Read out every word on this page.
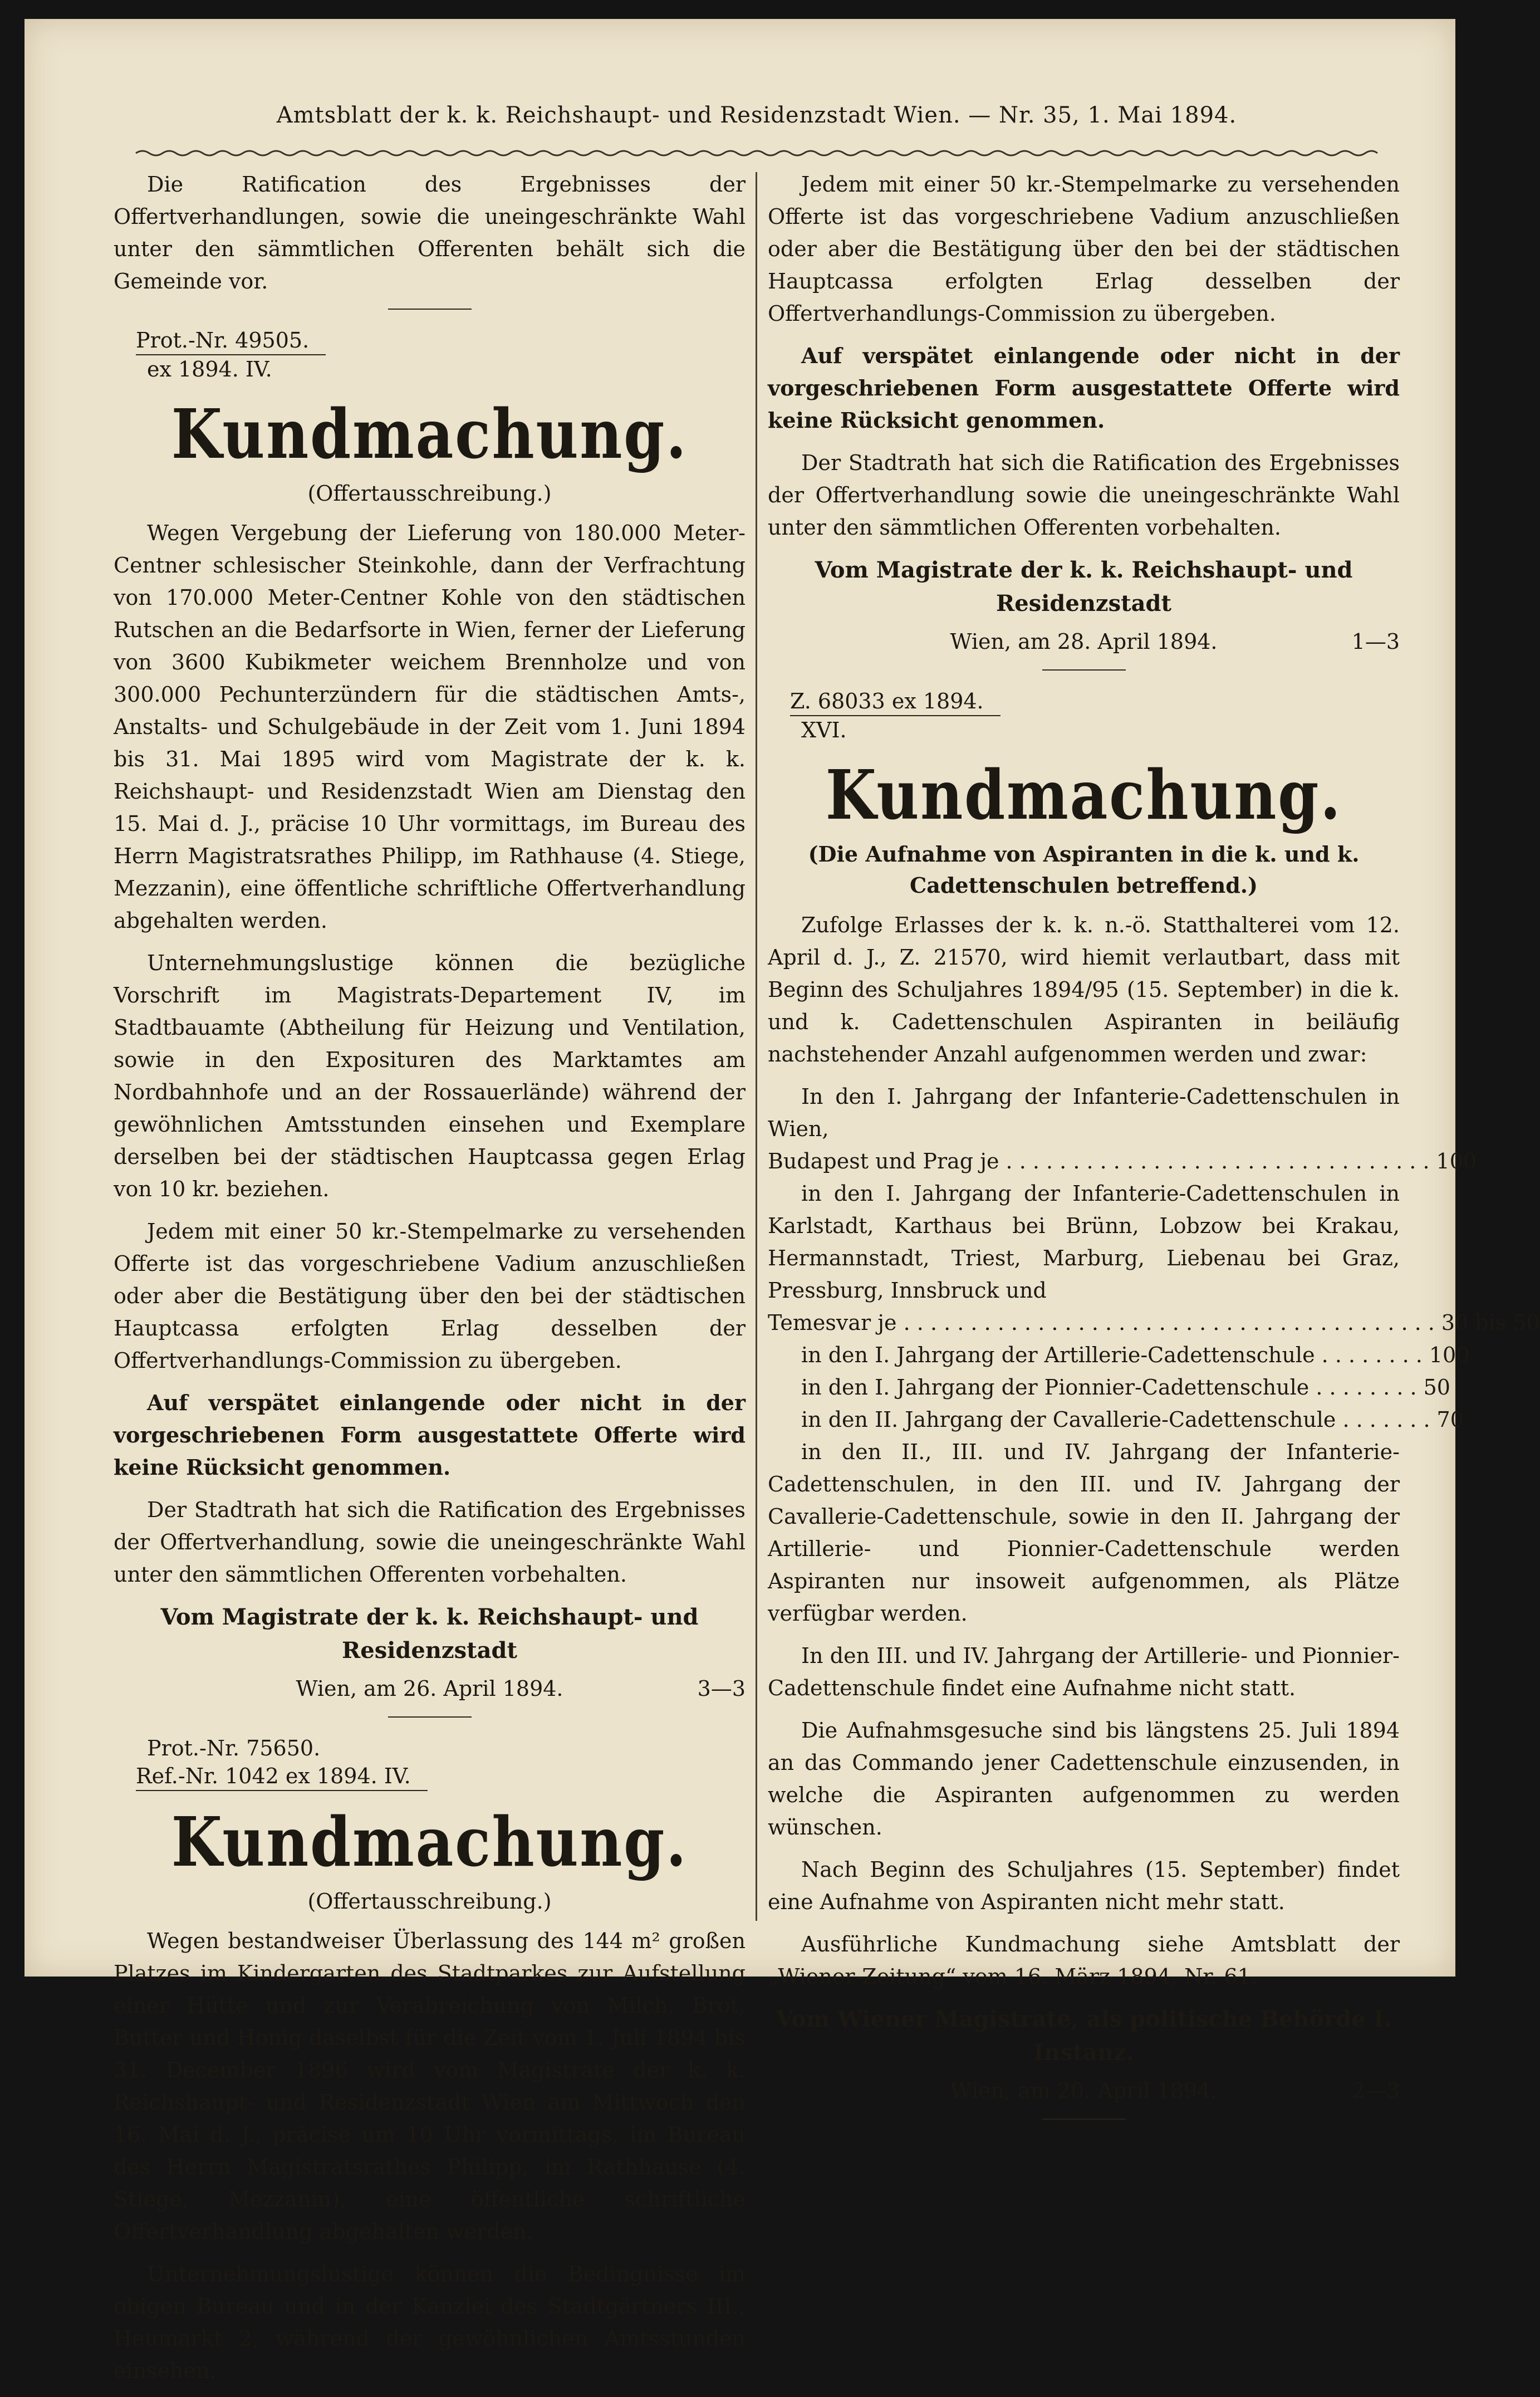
Amtsblatt der k. k. Reichshaupt- und Residenzstadt Wien. — Nr. 35, 1. Mai 1894.

Die Ratification des Ergebnisses der Offertverhandlungen, sowie die uneingeschränkte Wahl unter den sämmtlichen Offerenten behält sich die Gemeinde vor.

Prot.-Nr. 49505.
ex 1894. IV.
Kundmachung.
(Offertausschreibung.)

Wegen Vergebung der Lieferung von 180.000 Meter-Centner schlesischer Steinkohle, dann der Verfrachtung von 170.000 Meter-Centner Kohle von den städtischen Rutschen an die Bedarfsorte in Wien, ferner der Lieferung von 3600 Kubikmeter weichem Brennholze und von 300.000 Pechunterzündern für die städtischen Amts-, Anstalts- und Schulgebäude in der Zeit vom 1. Juni 1894 bis 31. Mai 1895 wird vom Magistrate der k. k. Reichshaupt- und Residenzstadt Wien am Dienstag den 15. Mai d. J., präcise 10 Uhr vormittags, im Bureau des Herrn Magistratsrathes Philipp, im Rathhause (4. Stiege, Mezzanin), eine öffentliche schriftliche Offertverhandlung abgehalten werden.

Unternehmungslustige können die bezügliche Vorschrift im Magistrats-Departement IV, im Stadtbauamte (Abtheilung für Heizung und Ventilation, sowie in den Exposituren des Marktamtes am Nordbahnhofe und an der Rossauerlände) während der gewöhnlichen Amtsstunden einsehen und Exemplare derselben bei der städtischen Hauptcassa gegen Erlag von 10 kr. beziehen.

Jedem mit einer 50 kr.-Stempelmarke zu versehenden Offerte ist das vorgeschriebene Vadium anzuschließen oder aber die Bestätigung über den bei der städtischen Hauptcassa erfolgten Erlag desselben der Offertverhandlungs-Commission zu übergeben.

Auf verspätet einlangende oder nicht in der vorgeschriebenen Form ausgestattete Offerte wird keine Rücksicht genommen.

Der Stadtrath hat sich die Ratification des Ergebnisses der Offertverhandlung, sowie die uneingeschränkte Wahl unter den sämmtlichen Offerenten vorbehalten.

Vom Magistrate der k. k. Reichshaupt- und Residenzstadt
Wien, am 26. April 1894.	3—3
Prot.-Nr. 75650.
Ref.-Nr. 1042 ex 1894. IV.
Kundmachung.
(Offertausschreibung.)

Wegen bestandweiser Überlassung des 144 m² großen Platzes im Kindergarten des Stadtparkes zur Aufstellung einer Hütte und zur Verabreichung von Milch, Brot, Butter und Honig daselbst für die Zeit vom 1. Juli 1894 bis 31. December 1896 wird vom Magistrate der k. k. Reichshaupt- und Residenzstadt Wien am Mittwoch den 16. Mai d. J., präcise um 10 Uhr vormittags, im Bureau des Herrn Magistratsrathes Philipp, im Rathhause (4. Stiege, Mezzanin), eine öffentliche schriftliche Offertverhandlung abgehalten werden.

Unternehmungslustige können die Bedingnisse im obigen Bureau und in der Kanzlei des Stadtgärtners III., Heumarkt 2, während der gewöhnlichen Amtsstunden einsehen.

Jedem mit einer 50 kr.-Stempelmarke zu versehenden Offerte ist das vorgeschriebene Vadium anzuschließen oder aber die Bestätigung über den bei der städtischen Hauptcassa erfolgten Erlag desselben der Offertverhandlungs-Commission zu übergeben.

Auf verspätet einlangende oder nicht in der vorgeschriebenen Form ausgestattete Offerte wird keine Rücksicht genommen.

Der Stadtrath hat sich die Ratification des Ergebnisses der Offertverhandlung sowie die uneingeschränkte Wahl unter den sämmtlichen Offerenten vorbehalten.

Vom Magistrate der k. k. Reichshaupt- und Residenzstadt
Wien, am 28. April 1894.	1—3
Z. 68033 ex 1894.
XVI.
Kundmachung.
(Die Aufnahme von Aspiranten in die k. und k. Cadettenschulen betreffend.)

Zufolge Erlasses der k. k. n.-ö. Statthalterei vom 12. April d. J., Z. 21570, wird hiemit verlautbart, dass mit Beginn des Schuljahres 1894/95 (15. September) in die k. und k. Cadettenschulen Aspiranten in beiläufig nachstehender Anzahl aufgenommen werden und zwar:

In den I. Jahrgang der Infanterie-Cadettenschulen in Wien,

Budapest und Prag je . . . . . . . . . . . . . . . . . . . . . . . . . . . . . . . . 100

in den I. Jahrgang der Infanterie-Cadettenschulen in Karlstadt, Karthaus bei Brünn, Lobzow bei Krakau, Hermannstadt, Triest, Marburg, Liebenau bei Graz, Pressburg, Innsbruck und

Temesvar je . . . . . . . . . . . . . . . . . . . . . . . . . . . . . . . . . . . . . . . . 30 bis 50
in den I. Jahrgang der Artillerie-Cadettenschule . . . . . . . . 100
in den I. Jahrgang der Pionnier-Cadettenschule . . . . . . . . 50
in den II. Jahrgang der Cavallerie-Cadettenschule . . . . . . . 70

in den II., III. und IV. Jahrgang der Infanterie-Cadettenschulen, in den III. und IV. Jahrgang der Cavallerie-Cadettenschule, sowie in den II. Jahrgang der Artillerie- und Pionnier-Cadettenschule werden Aspiranten nur insoweit aufgenommen, als Plätze verfügbar werden.

In den III. und IV. Jahrgang der Artillerie- und Pionnier-Cadettenschule findet eine Aufnahme nicht statt.

Die Aufnahmsgesuche sind bis längstens 25. Juli 1894 an das Commando jener Cadettenschule einzusenden, in welche die Aspiranten aufgenommen zu werden wünschen.

Nach Beginn des Schuljahres (15. September) findet eine Aufnahme von Aspiranten nicht mehr statt.

Ausführliche Kundmachung siehe Amtsblatt der „Wiener-Zeitung“ vom 16. März 1894, Nr. 61.

Vom Wiener Magistrate, als politische Behörde I. Instanz.
Wien, am 20. April 1894.	2—3
